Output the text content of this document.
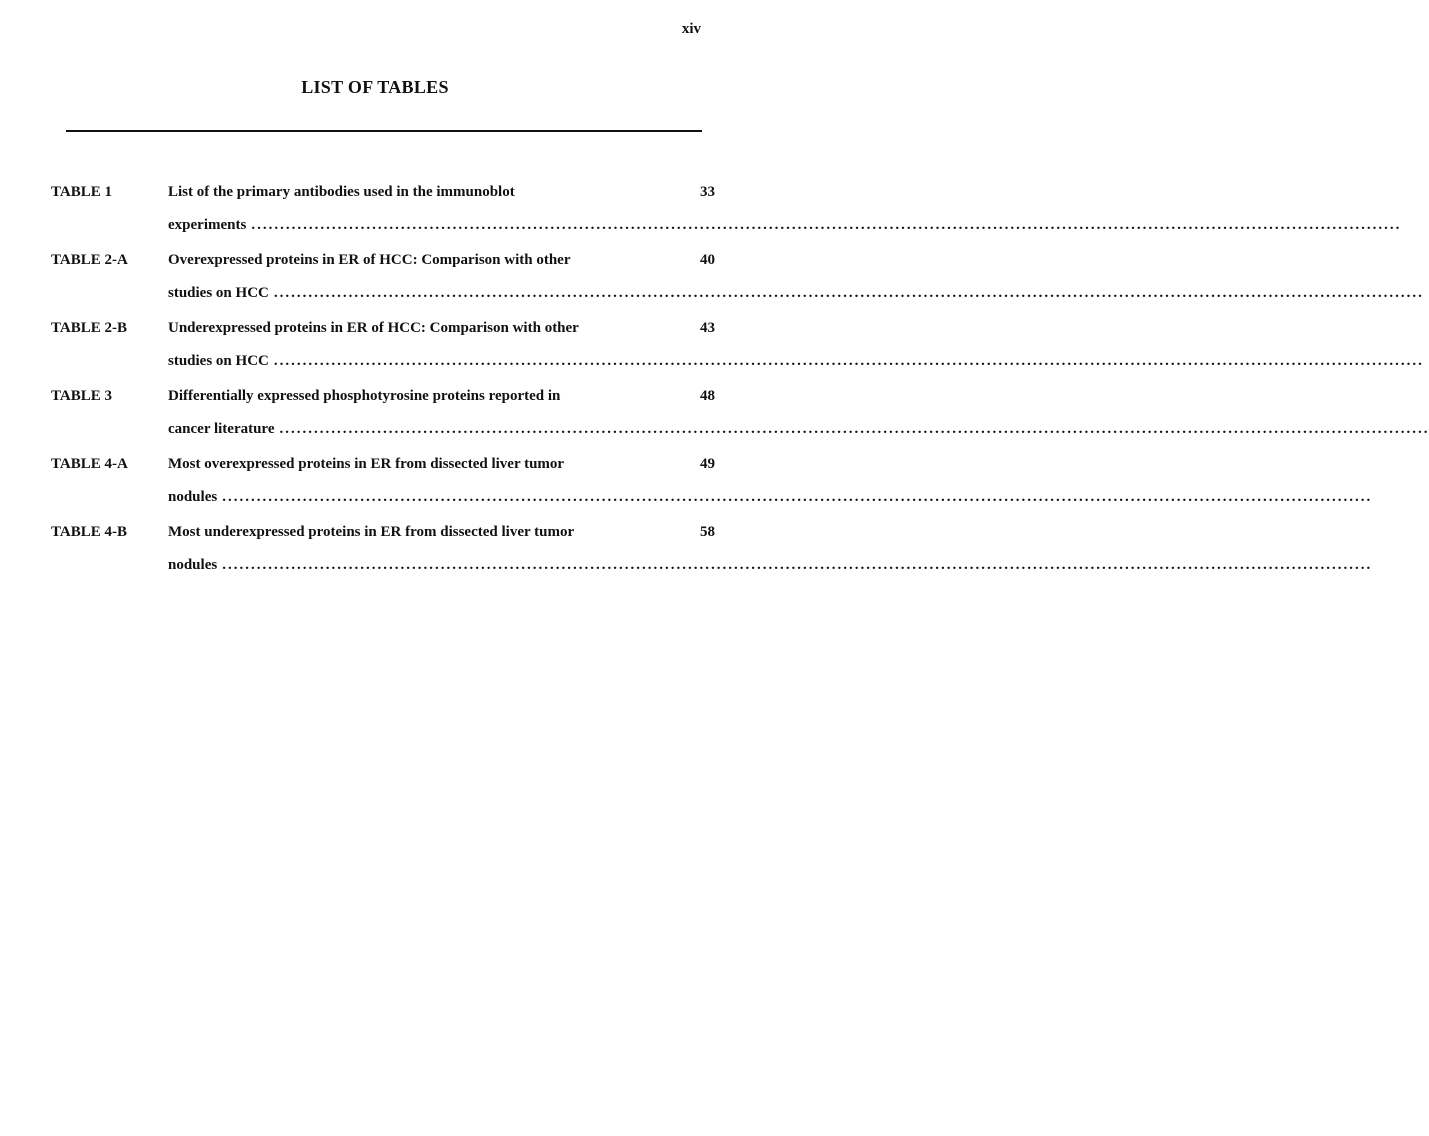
xiv
LIST OF TABLES
TABLE 1	List of the primary antibodies used in the immunoblot	33
experiments ........................................................................................................................................................................................................
TABLE 2-A	Overexpressed proteins in ER of HCC: Comparison with other	40
studies on HCC ........................................................................................................................................................................................................
TABLE 2-B	Underexpressed proteins in ER of HCC: Comparison with other	43
studies on HCC ........................................................................................................................................................................................................
TABLE 3	Differentially expressed phosphotyrosine proteins reported in	48
cancer literature ........................................................................................................................................................................................................
TABLE 4-A	Most overexpressed proteins in ER from dissected liver tumor	49
nodules ........................................................................................................................................................................................................
TABLE 4-B	Most underexpressed proteins in ER from dissected liver tumor	58
nodules ........................................................................................................................................................................................................
